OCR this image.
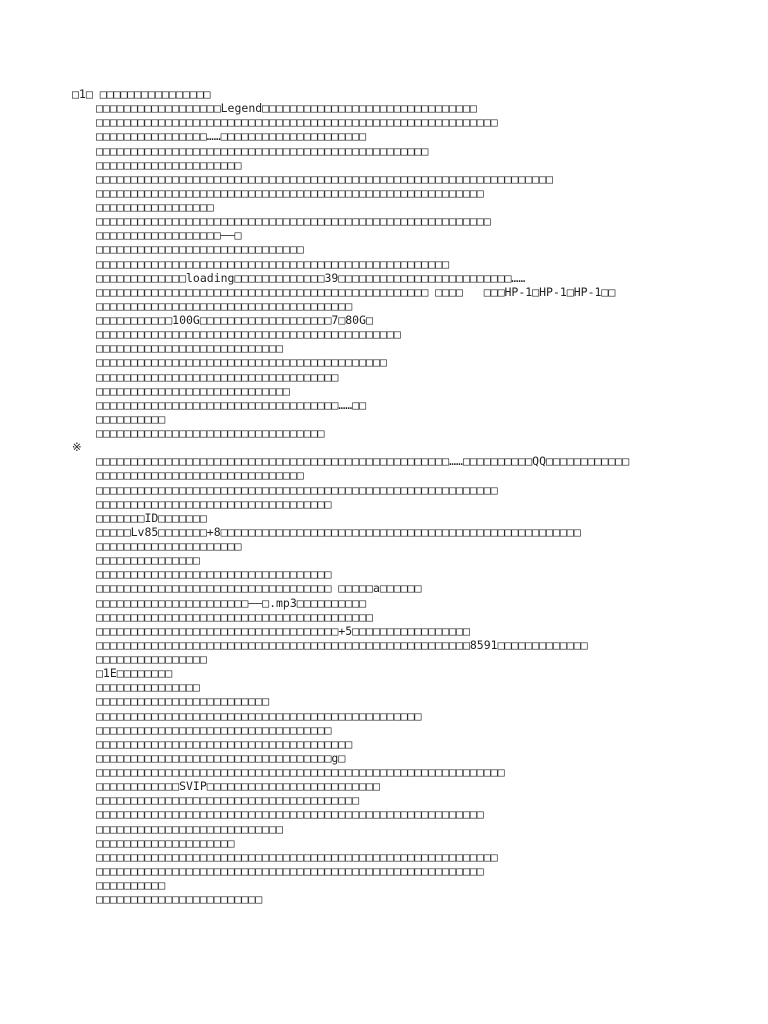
□1□ □□□□□□□□□□□□□□□□
□□□□□□□□□□□□□□□□□□Legend□□□□□□□□□□□□□□□□□□□□□□□□□□□□□□□
□□□□□□□□□□□□□□□□□□□□□□□□□□□□□□□□□□□□□□□□□□□□□□□□□□□□□□□□□□
□□□□□□□□□□□□□□□□……□□□□□□□□□□□□□□□□□□□□□
□□□□□□□□□□□□□□□□□□□□□□□□□□□□□□□□□□□□□□□□□□□□□□□□
□□□□□□□□□□□□□□□□□□□□□
□□□□□□□□□□□□□□□□□□□□□□□□□□□□□□□□□□□□□□□□□□□□□□□□□□□□□□□□□□□□□□□□□□
□□□□□□□□□□□□□□□□□□□□□□□□□□□□□□□□□□□□□□□□□□□□□□□□□□□□□□□□
□□□□□□□□□□□□□□□□□
□□□□□□□□□□□□□□□□□□□□□□□□□□□□□□□□□□□□□□□□□□□□□□□□□□□□□□□□□
□□□□□□□□□□□□□□□□□□——□
□□□□□□□□□□□□□□□□□□□□□□□□□□□□□□
□□□□□□□□□□□□□□□□□□□□□□□□□□□□□□□□□□□□□□□□□□□□□□□□□□□
□□□□□□□□□□□□□loading□□□□□□□□□□□□□39□□□□□□□□□□□□□□□□□□□□□□□□□……
□□□□□□□□□□□□□□□□□□□□□□□□□□□□□□□□□□□□□□□□□□□□□□□□ □□□□   □□□HP-1□HP-1□HP-1□□
□□□□□□□□□□□□□□□□□□□□□□□□□□□□□□□□□□□□□
□□□□□□□□□□□100G□□□□□□□□□□□□□□□□□□□7□80G□
□□□□□□□□□□□□□□□□□□□□□□□□□□□□□□□□□□□□□□□□□□□□
□□□□□□□□□□□□□□□□□□□□□□□□□□□
□□□□□□□□□□□□□□□□□□□□□□□□□□□□□□□□□□□□□□□□□□
□□□□□□□□□□□□□□□□□□□□□□□□□□□□□□□□□□□
□□□□□□□□□□□□□□□□□□□□□□□□□□□□
□□□□□□□□□□□□□□□□□□□□□□□□□□□□□□□□□□□……□□
□□□□□□□□□□
□□□□□□□□□□□□□□□□□□□□□□□□□□□□□□□□□
※
□□□□□□□□□□□□□□□□□□□□□□□□□□□□□□□□□□□□□□□□□□□□□□□□□□□……□□□□□□□□□□QQ□□□□□□□□□□□□
□□□□□□□□□□□□□□□□□□□□□□□□□□□□□□
□□□□□□□□□□□□□□□□□□□□□□□□□□□□□□□□□□□□□□□□□□□□□□□□□□□□□□□□□□
□□□□□□□□□□□□□□□□□□□□□□□□□□□□□□□□□□
□□□□□□□ID□□□□□□□
□□□□□Lv85□□□□□□□+8□□□□□□□□□□□□□□□□□□□□□□□□□□□□□□□□□□□□□□□□□□□□□□□□□□□□
□□□□□□□□□□□□□□□□□□□□□
□□□□□□□□□□□□□□□
□□□□□□□□□□□□□□□□□□□□□□□□□□□□□□□□□□
□□□□□□□□□□□□□□□□□□□□□□□□□□□□□□□□□□ □□□□□a□□□□□□
□□□□□□□□□□□□□□□□□□□□□□——□.mp3□□□□□□□□□□
□□□□□□□□□□□□□□□□□□□□□□□□□□□□□□□□□□□□□□□□
□□□□□□□□□□□□□□□□□□□□□□□□□□□□□□□□□□□+5□□□□□□□□□□□□□□□□□
□□□□□□□□□□□□□□□□□□□□□□□□□□□□□□□□□□□□□□□□□□□□□□□□□□□□□□8591□□□□□□□□□□□□□
□□□□□□□□□□□□□□□□
□1E□□□□□□□□
□□□□□□□□□□□□□□□
□□□□□□□□□□□□□□□□□□□□□□□□□
□□□□□□□□□□□□□□□□□□□□□□□□□□□□□□□□□□□□□□□□□□□□□□□
□□□□□□□□□□□□□□□□□□□□□□□□□□□□□□□□□□
□□□□□□□□□□□□□□□□□□□□□□□□□□□□□□□□□□□□□
□□□□□□□□□□□□□□□□□□□□□□□□□□□□□□□□□□g□
□□□□□□□□□□□□□□□□□□□□□□□□□□□□□□□□□□□□□□□□□□□□□□□□□□□□□□□□□□□
□□□□□□□□□□□□SVIP□□□□□□□□□□□□□□□□□□□□□□□□□
□□□□□□□□□□□□□□□□□□□□□□□□□□□□□□□□□□□□□□
□□□□□□□□□□□□□□□□□□□□□□□□□□□□□□□□□□□□□□□□□□□□□□□□□□□□□□□□
□□□□□□□□□□□□□□□□□□□□□□□□□□□
□□□□□□□□□□□□□□□□□□□□
□□□□□□□□□□□□□□□□□□□□□□□□□□□□□□□□□□□□□□□□□□□□□□□□□□□□□□□□□□
□□□□□□□□□□□□□□□□□□□□□□□□□□□□□□□□□□□□□□□□□□□□□□□□□□□□□□□□
□□□□□□□□□□
□□□□□□□□□□□□□□□□□□□□□□□□
